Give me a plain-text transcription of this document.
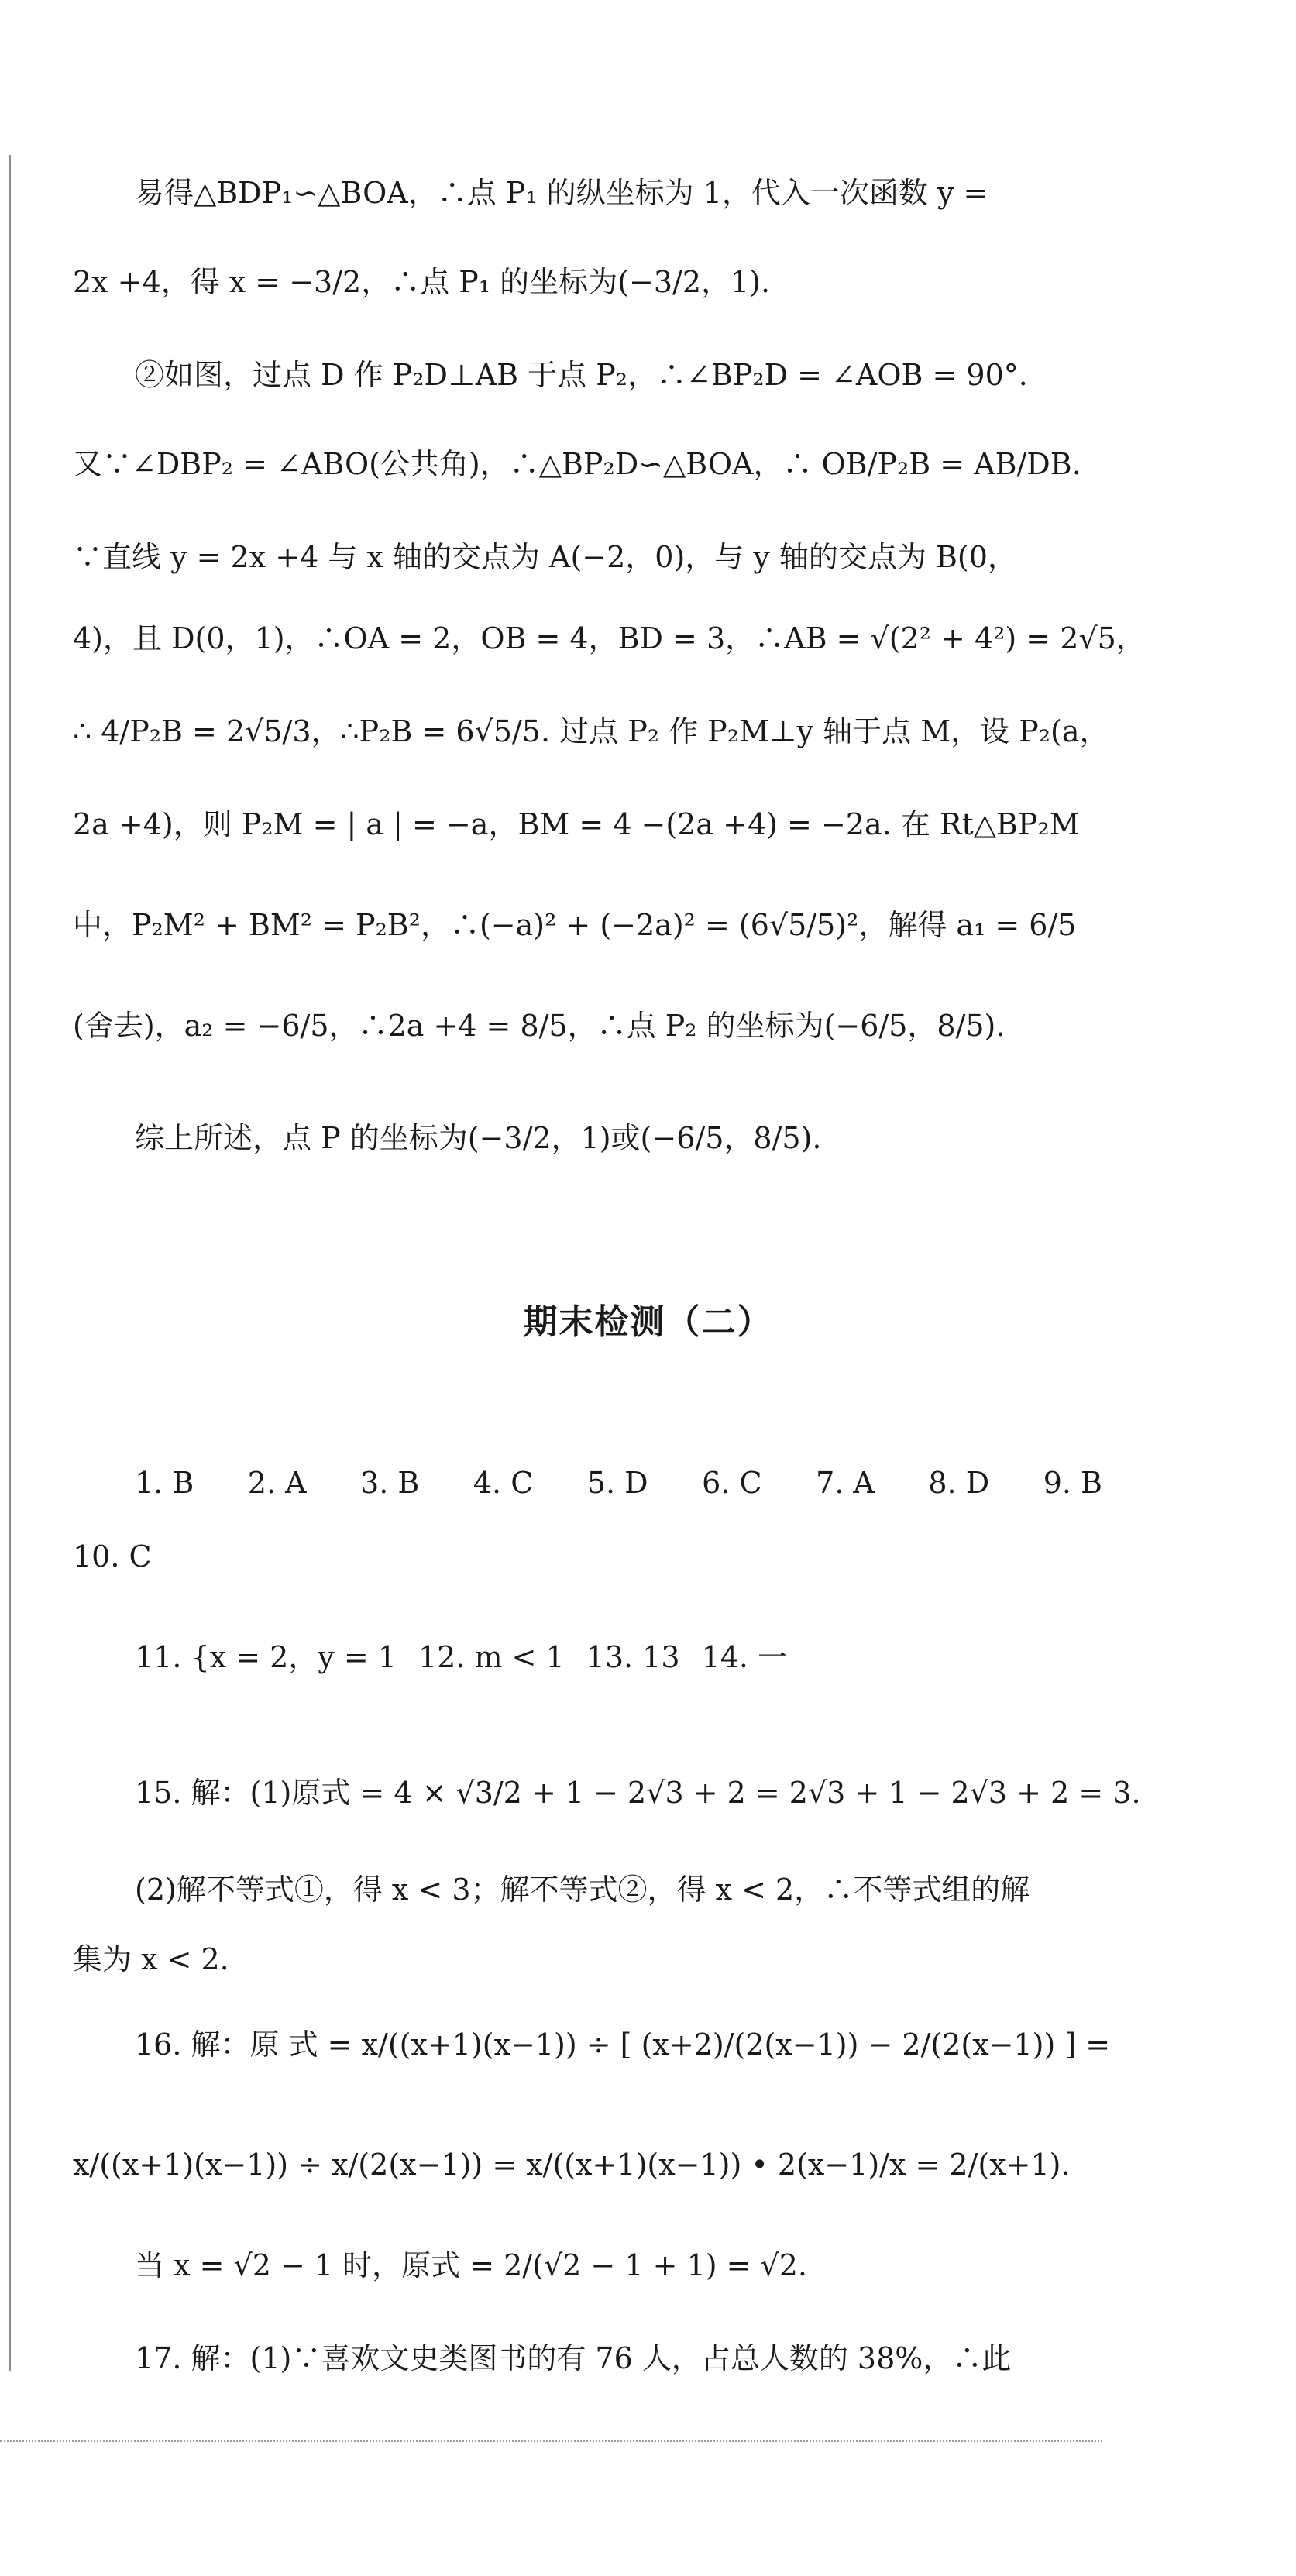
易得△BDP₁∽△BOA，∴点 P₁ 的纵坐标为 1，代入一次函数 y =
2x +4，得 x = −3/2，∴点 P₁ 的坐标为(−3/2，1).
②如图，过点 D 作 P₂D⊥AB 于点 P₂，∴∠BP₂D = ∠AOB = 90°.
又∵∠DBP₂ = ∠ABO(公共角)，∴△BP₂D∽△BOA，∴ OB/P₂B = AB/DB.
∵直线 y = 2x +4 与 x 轴的交点为 A(−2，0)，与 y 轴的交点为 B(0，
4)，且 D(0，1)，∴OA = 2，OB = 4，BD = 3，∴AB = √(2² + 4²) = 2√5，
∴ 4/P₂B = 2√5/3，∴P₂B = 6√5/5. 过点 P₂ 作 P₂M⊥y 轴于点 M，设 P₂(a，
2a +4)，则 P₂M = | a | = −a，BM = 4 −(2a +4) = −2a. 在 Rt△BP₂M
中，P₂M² + BM² = P₂B²，∴(−a)² + (−2a)² = (6√5/5)²，解得 a₁ = 6/5
(舍去)，a₂ = −6/5，∴2a +4 = 8/5，∴点 P₂ 的坐标为(−6/5，8/5).
综上所述，点 P 的坐标为(−3/2，1)或(−6/5，8/5).
期末检测（二）
1. B 2. A 3. B 4. C 5. D 6. C 7. A 8. D 9. B
10. C
11. {x = 2，y = 1 12. m < 1 13. 13 14. 一
15. 解：(1)原式 = 4 × √3/2 + 1 − 2√3 + 2 = 2√3 + 1 − 2√3 + 2 = 3.
(2)解不等式①，得 x < 3；解不等式②，得 x < 2，∴不等式组的解
集为 x < 2.
16. 解：原 式 = x/((x+1)(x−1)) ÷ [ (x+2)/(2(x−1)) − 2/(2(x−1)) ] =
x/((x+1)(x−1)) ÷ x/(2(x−1)) = x/((x+1)(x−1)) • 2(x−1)/x = 2/(x+1).
当 x = √2 − 1 时，原式 = 2/(√2 − 1 + 1) = √2.
17. 解：(1)∵喜欢文史类图书的有 76 人，占总人数的 38%，∴此
